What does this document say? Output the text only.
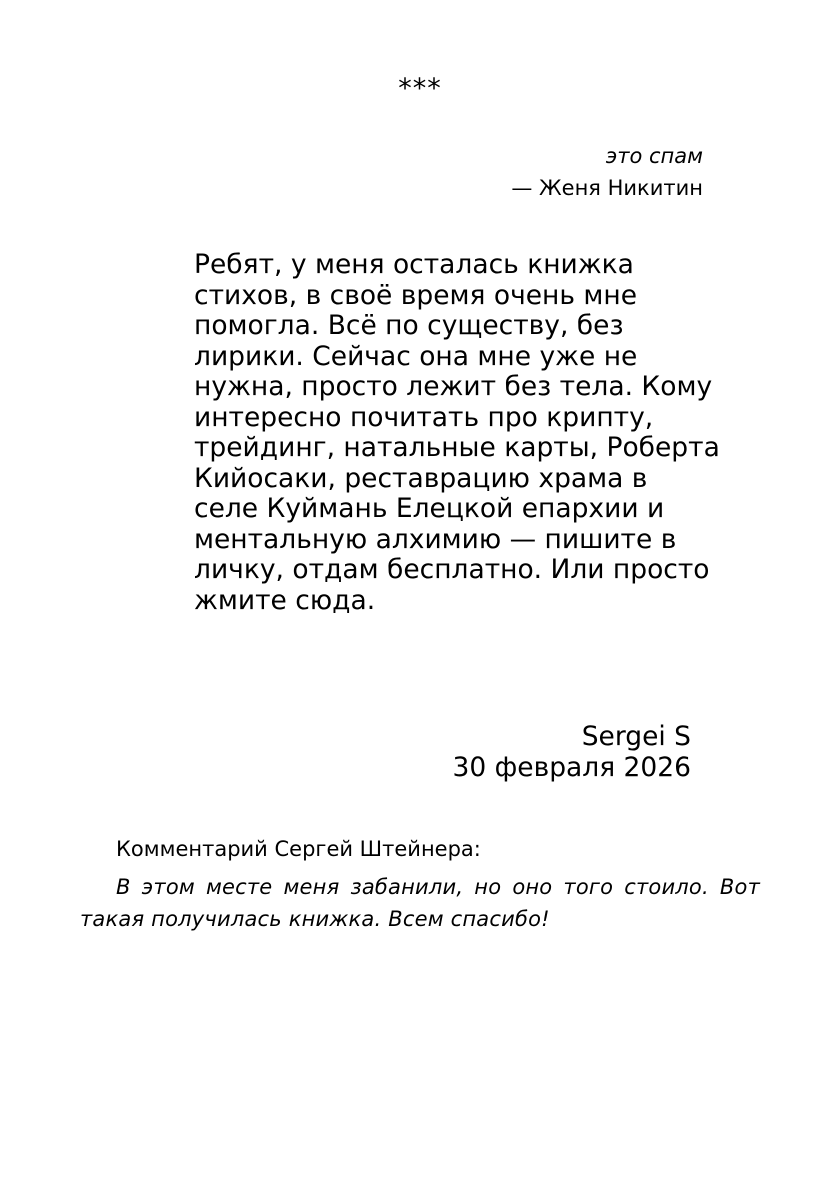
***
это спам
— Женя Никитин

Ребят, у меня осталась книжка
стихов, в своё время очень мне
помогла. Всё по существу, без
лирики. Сейчас она мне уже не
нужна, просто лежит без тела. Кому
интересно почитать про крипту,
трейдинг, натальные карты, Роберта
Кийосаки, реставрацию храма в
селе Куймань Елецкой епархии и
ментальную алхимию — пишите в
личку, отдам бесплатно. Или просто
жмите сюда.

Sergei S
30 февраля 2026
Комментарий Сергей Штейнера:
В этом месте меня забанили, но оно того стоило. Вот такая получилась книжка. Всем спасибо!
